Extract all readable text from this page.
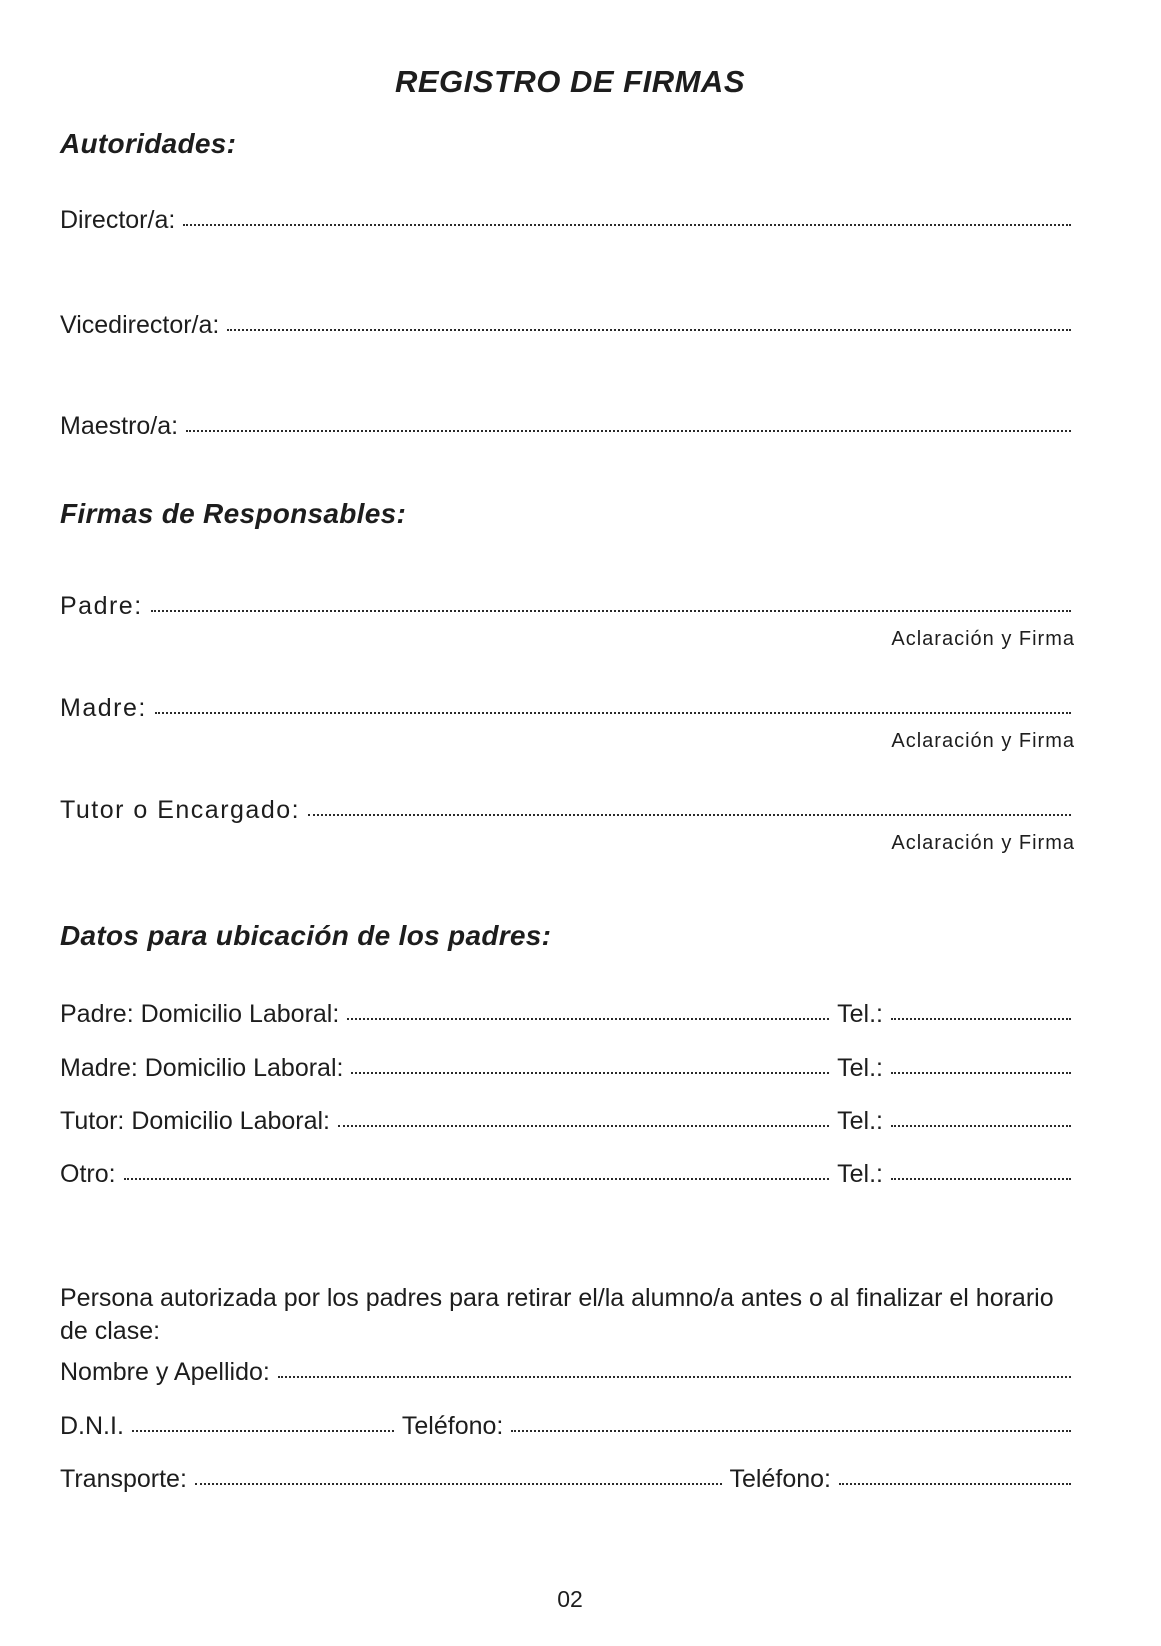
REGISTRO DE FIRMAS
Autoridades:
Director/a:
Vicedirector/a:
Maestro/a:
Firmas de Responsables:
Padre:
Aclaración y Firma
Madre:
Aclaración y Firma
Tutor o Encargado:
Aclaración y Firma
Datos para ubicación de los padres:
Padre: Domicilio Laboral:	Tel.:
Madre: Domicilio Laboral:	Tel.:
Tutor: Domicilio Laboral:	Tel.:
Otro:	Tel.:
Persona autorizada por los padres para retirar el/la alumno/a antes o al finalizar el horario de clase:
Nombre y Apellido:
D.N.I.	Teléfono:
Transporte:	Teléfono:
02
